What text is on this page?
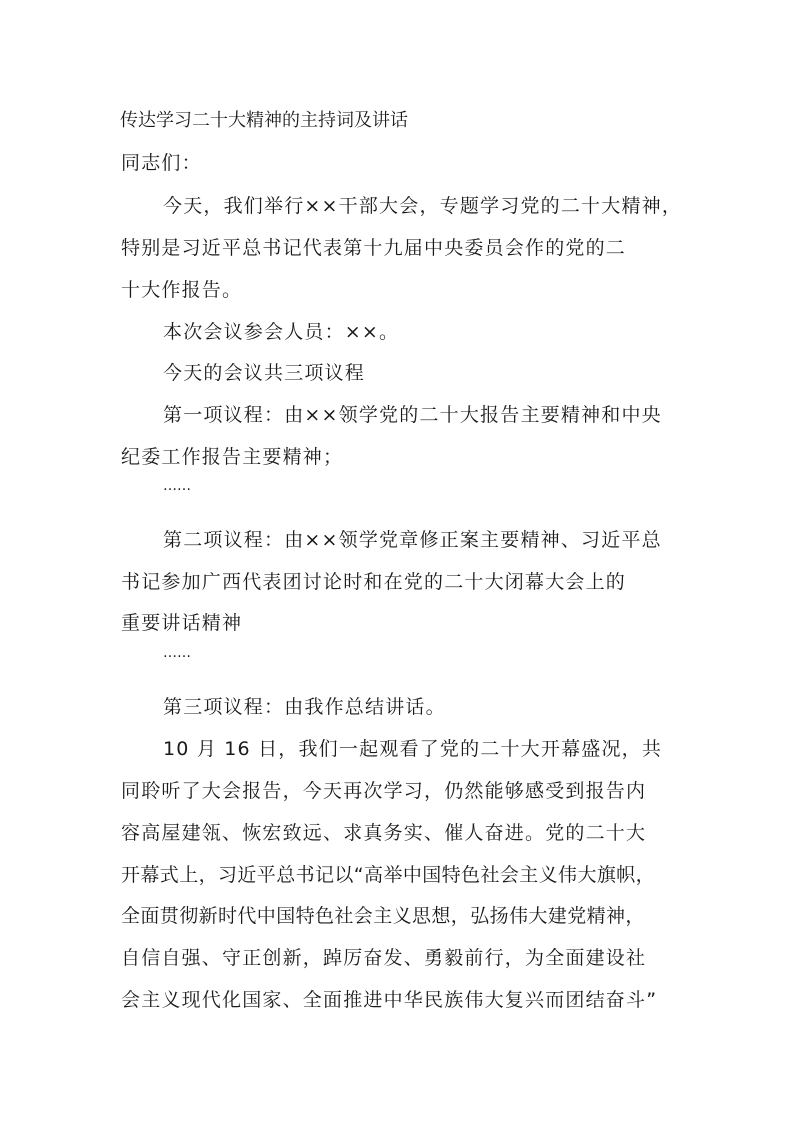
传达学习二十大精神的主持词及讲话
同志们：
今天，我们举行××干部大会，专题学习党的二十大精神，
特别是习近平总书记代表第十九届中央委员会作的党的二
十大作报告。
本次会议参会人员：××。
今天的会议共三项议程
第一项议程：由××领学党的二十大报告主要精神和中央
纪委工作报告主要精神；
……
第二项议程：由××领学党章修正案主要精神、习近平总
书记参加广西代表团讨论时和在党的二十大闭幕大会上的
重要讲话精神
……
第三项议程：由我作总结讲话。
10 月 16 日，我们一起观看了党的二十大开幕盛况，共
同聆听了大会报告，今天再次学习，仍然能够感受到报告内
容高屋建瓴、恢宏致远、求真务实、催人奋进。党的二十大
开幕式上，习近平总书记以“高举中国特色社会主义伟大旗帜，
全面贯彻新时代中国特色社会主义思想，弘扬伟大建党精神，
自信自强、守正创新，踔厉奋发、勇毅前行，为全面建设社
会主义现代化国家、全面推进中华民族伟大复兴而团结奋斗”
